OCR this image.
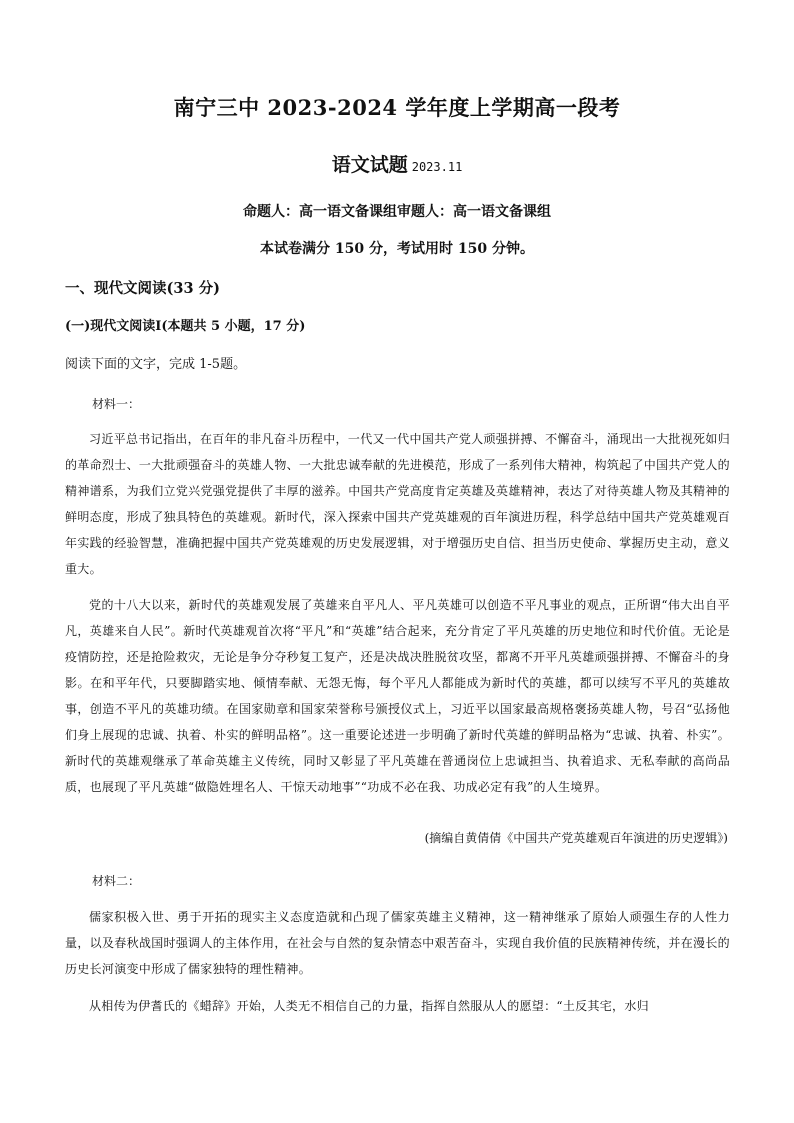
南宁三中 2023-2024 学年度上学期高一段考
语文试题 2023.11
命题人：高一语文备课组审题人：高一语文备课组
本试卷满分 150 分，考试用时 150 分钟。
一、现代文阅读(33 分)
(一)现代文阅读Ⅰ(本题共 5 小题，17 分)
阅读下面的文字，完成 1-5题。
材料一：
习近平总书记指出，在百年的非凡奋斗历程中，一代又一代中国共产党人顽强拼搏、不懈奋斗，涌现出一大批视死如归的革命烈士、一大批顽强奋斗的英雄人物、一大批忠诚奉献的先进模范，形成了一系列伟大精神，构筑起了中国共产党人的精神谱系，为我们立党兴党强党提供了丰厚的滋养。中国共产党高度肯定英雄及英雄精神，表达了对待英雄人物及其精神的鲜明态度，形成了独具特色的英雄观。新时代，深入探索中国共产党英雄观的百年演进历程，科学总结中国共产党英雄观百年实践的经验智慧，准确把握中国共产党英雄观的历史发展逻辑，对于增强历史自信、担当历史使命、掌握历史主动，意义重大。
党的十八大以来，新时代的英雄观发展了英雄来自平凡人、平凡英雄可以创造不平凡事业的观点，正所谓“伟大出自平凡，英雄来自人民”。新时代英雄观首次将“平凡”和“英雄”结合起来，充分肯定了平凡英雄的历史地位和时代价值。无论是疫情防控，还是抢险救灾，无论是争分夺秒复工复产，还是决战决胜脱贫攻坚，都离不开平凡英雄顽强拼搏、不懈奋斗的身影。在和平年代，只要脚踏实地、倾情奉献、无怨无悔，每个平凡人都能成为新时代的英雄，都可以续写不平凡的英雄故事，创造不平凡的英雄功绩。在国家勋章和国家荣誉称号颁授仪式上，习近平以国家最高规格褒扬英雄人物，号召“弘扬他们身上展现的忠诚、执着、朴实的鲜明品格”。这一重要论述进一步明确了新时代英雄的鲜明品格为“忠诚、执着、朴实”。新时代的英雄观继承了革命英雄主义传统，同时又彰显了平凡英雄在普通岗位上忠诚担当、执着追求、无私奉献的高尚品质，也展现了平凡英雄“做隐姓埋名人、干惊天动地事”“功成不必在我、功成必定有我”的人生境界。
(摘编自黄倩倩《中国共产党英雄观百年演进的历史逻辑》)
材料二：
儒家积极入世、勇于开拓的现实主义态度造就和凸现了儒家英雄主义精神，这一精神继承了原始人顽强生存的人性力量，以及春秋战国时强调人的主体作用，在社会与自然的复杂情态中艰苦奋斗，实现自我价值的民族精神传统，并在漫长的历史长河演变中形成了儒家独特的理性精神。
从相传为伊耆氏的《蜡辞》开始，人类无不相信自己的力量，指挥自然服从人的愿望：“土反其宅，水归
